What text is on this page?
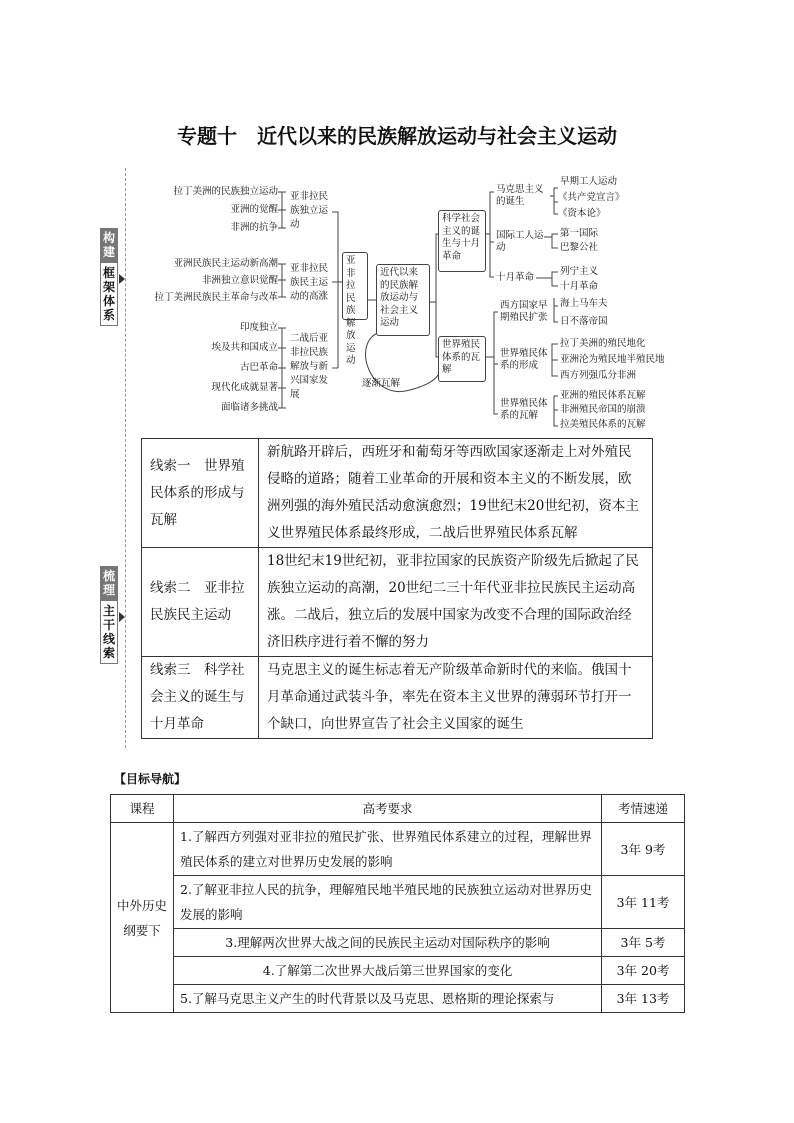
专题十　近代以来的民族解放运动与社会主义运动
构建
框架体系
梳理
主干线索
拉丁美洲的民族独立运动
亚洲的觉醒
非洲的抗争
亚非拉民族独立运动
亚洲民族民主运动新高潮
非洲独立意识觉醒
拉丁美洲民族民主革命与改革
亚非拉民族民主运动的高涨
印度独立
埃及共和国成立
古巴革命
现代化成就显著
面临诸多挑战
二战后亚非拉民族解放与新兴国家发展
亚非拉民族解放运动
近代以来的民族解放运动与社会主义运动
逐渐瓦解
科学社会主义的诞生与十月革命
世界殖民体系的瓦解
马克思主义的诞生
早期工人运动
《共产党宣言》
《资本论》
国际工人运动
第一国际
巴黎公社
十月革命
列宁主义
十月革命
西方国家早期殖民扩张
海上马车夫
日不落帝国
世界殖民体系的形成
拉丁美洲的殖民地化
亚洲沦为殖民地半殖民地
西方列强瓜分非洲
世界殖民体系的瓦解
亚洲的殖民体系瓦解
非洲殖民帝国的崩溃
拉美殖民体系的瓦解
线索一　世界殖民体系的形成与瓦解	新航路开辟后，西班牙和葡萄牙等西欧国家逐渐走上对外殖民侵略的道路；随着工业革命的开展和资本主义的不断发展，欧洲列强的海外殖民活动愈演愈烈；19世纪末20世纪初，资本主义世界殖民体系最终形成，二战后世界殖民体系瓦解
线索二　亚非拉民族民主运动	18世纪末19世纪初，亚非拉国家的民族资产阶级先后掀起了民族独立运动的高潮，20世纪二三十年代亚非拉民族民主运动高涨。二战后，独立后的发展中国家为改变不合理的国际政治经济旧秩序进行着不懈的努力
线索三　科学社会主义的诞生与十月革命	马克思主义的诞生标志着无产阶级革命新时代的来临。俄国十月革命通过武装斗争，率先在资本主义世界的薄弱环节打开一个缺口，向世界宣告了社会主义国家的诞生
【目标导航】
课程	高考要求	考情速递
中外历史纲要下	1.了解西方列强对亚非拉的殖民扩张、世界殖民体系建立的过程，理解世界殖民体系的建立对世界历史发展的影响	3年 9考
	2.了解亚非拉人民的抗争，理解殖民地半殖民地的民族独立运动对世界历史发展的影响	3年 11考
	3.理解两次世界大战之间的民族民主运动对国际秩序的影响	3年 5考
	4.了解第二次世界大战后第三世界国家的变化	3年 20考
	5.了解马克思主义产生的时代背景以及马克思、恩格斯的理论探索与	3年 13考
